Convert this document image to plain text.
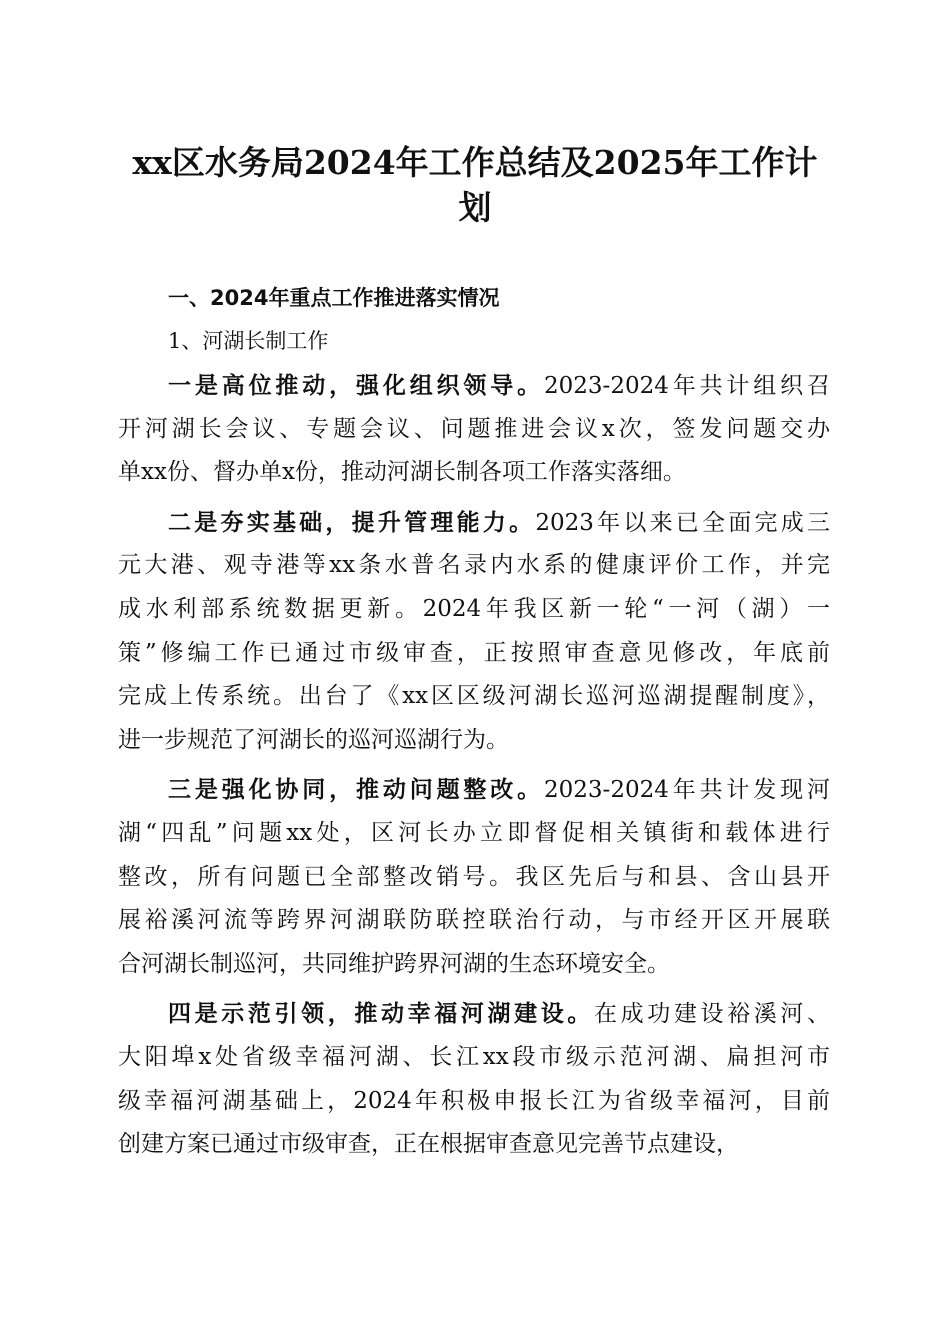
xx区水务局2024年工作总结及2025年工作计
划
一、2024年重点工作推进落实情况
1、河湖长制工作
一是高位推动，强化组织领导。2023-2024年共计组织召
开河湖长会议、专题会议、问题推进会议x次，签发问题交办
单xx份、督办单x份，推动河湖长制各项工作落实落细。
二是夯实基础，提升管理能力。2023年以来已全面完成三
元大港、观寺港等xx条水普名录内水系的健康评价工作，并完
成水利部系统数据更新。2024年我区新一轮“一河（湖）一
策”修编工作已通过市级审查，正按照审查意见修改，年底前
完成上传系统。出台了《xx区区级河湖长巡河巡湖提醒制度》，
进一步规范了河湖长的巡河巡湖行为。
三是强化协同，推动问题整改。2023-2024年共计发现河
湖“四乱”问题xx处，区河长办立即督促相关镇街和载体进行
整改，所有问题已全部整改销号。我区先后与和县、含山县开
展裕溪河流等跨界河湖联防联控联治行动，与市经开区开展联
合河湖长制巡河，共同维护跨界河湖的生态环境安全。
四是示范引领，推动幸福河湖建设。在成功建设裕溪河、
大阳埠x处省级幸福河湖、长江xx段市级示范河湖、扁担河市
级幸福河湖基础上，2024年积极申报长江为省级幸福河，目前
创建方案已通过市级审查，正在根据审查意见完善节点建设，
